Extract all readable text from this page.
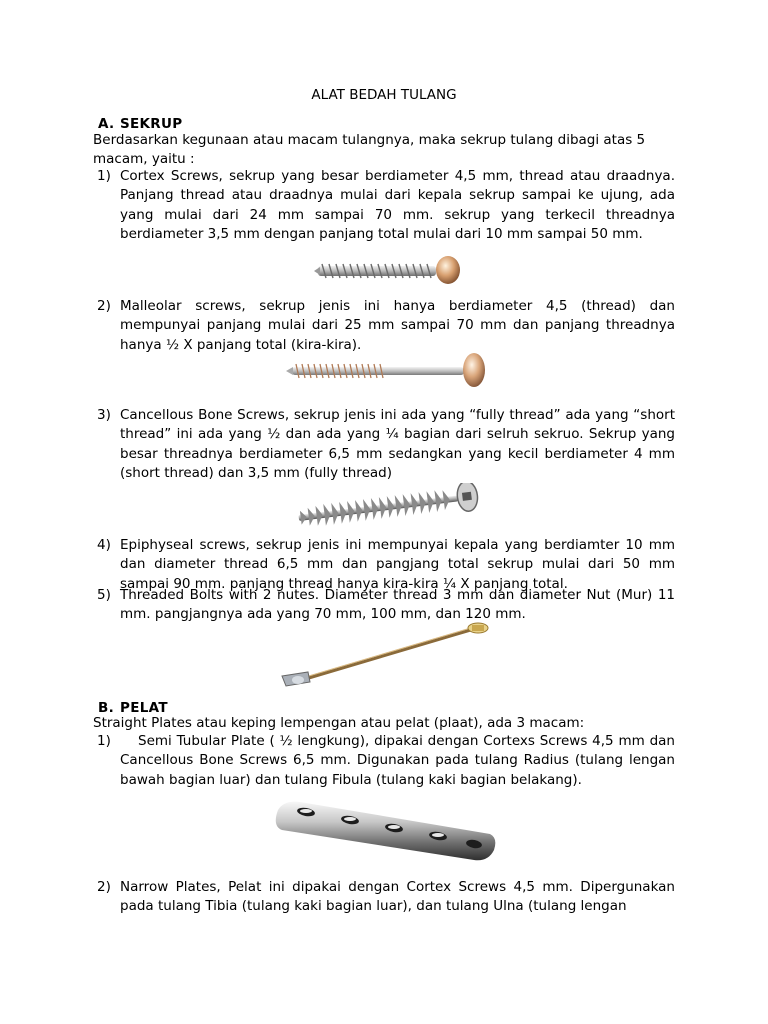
ALAT BEDAH TULANG
A. SEKRUP
Berdasarkan kegunaan atau macam tulangnya, maka sekrup tulang dibagi atas 5 macam, yaitu :
1) Cortex Screws, sekrup yang besar berdiameter 4,5 mm, thread atau draadnya. Panjang thread atau draadnya mulai dari kepala sekrup sampai ke ujung, ada yang mulai dari 24 mm sampai 70 mm. sekrup yang terkecil threadnya berdiameter 3,5 mm dengan panjang total mulai dari 10 mm sampai 50 mm.
2) Malleolar screws, sekrup jenis ini hanya berdiameter 4,5 (thread) dan mempunyai panjang mulai dari 25 mm sampai 70 mm dan panjang threadnya hanya ½ X panjang total (kira-kira).
3) Cancellous Bone Screws, sekrup jenis ini ada yang “fully thread” ada yang “short thread” ini ada yang ½ dan ada yang ¼ bagian dari selruh sekruo. Sekrup yang besar threadnya berdiameter 6,5 mm sedangkan yang kecil berdiameter 4 mm (short thread) dan 3,5 mm (fully thread)
4) Epiphyseal screws, sekrup jenis ini mempunyai kepala yang berdiamter 10 mm dan diameter thread 6,5 mm dan pangjang total sekrup mulai dari 50 mm sampai 90 mm. panjang thread hanya kira-kira ¼ X panjang total.
5) Threaded Bolts with 2 nutes. Diameter thread 3 mm dan diameter Nut (Mur) 11 mm. pangjangnya ada yang 70 mm, 100 mm, dan 120 mm.
B. PELAT
Straight Plates atau keping lempengan atau pelat (plaat), ada 3 macam:
1)	Semi Tubular Plate ( ½ lengkung), dipakai dengan Cortexs Screws 4,5 mm dan Cancellous Bone Screws 6,5 mm. Digunakan pada tulang Radius (tulang lengan bawah bagian luar) dan tulang Fibula (tulang kaki bagian belakang).
2) Narrow Plates, Pelat ini dipakai dengan Cortex Screws 4,5 mm. Dipergunakan pada tulang Tibia (tulang kaki bagian luar), dan tulang Ulna (tulang lengan
